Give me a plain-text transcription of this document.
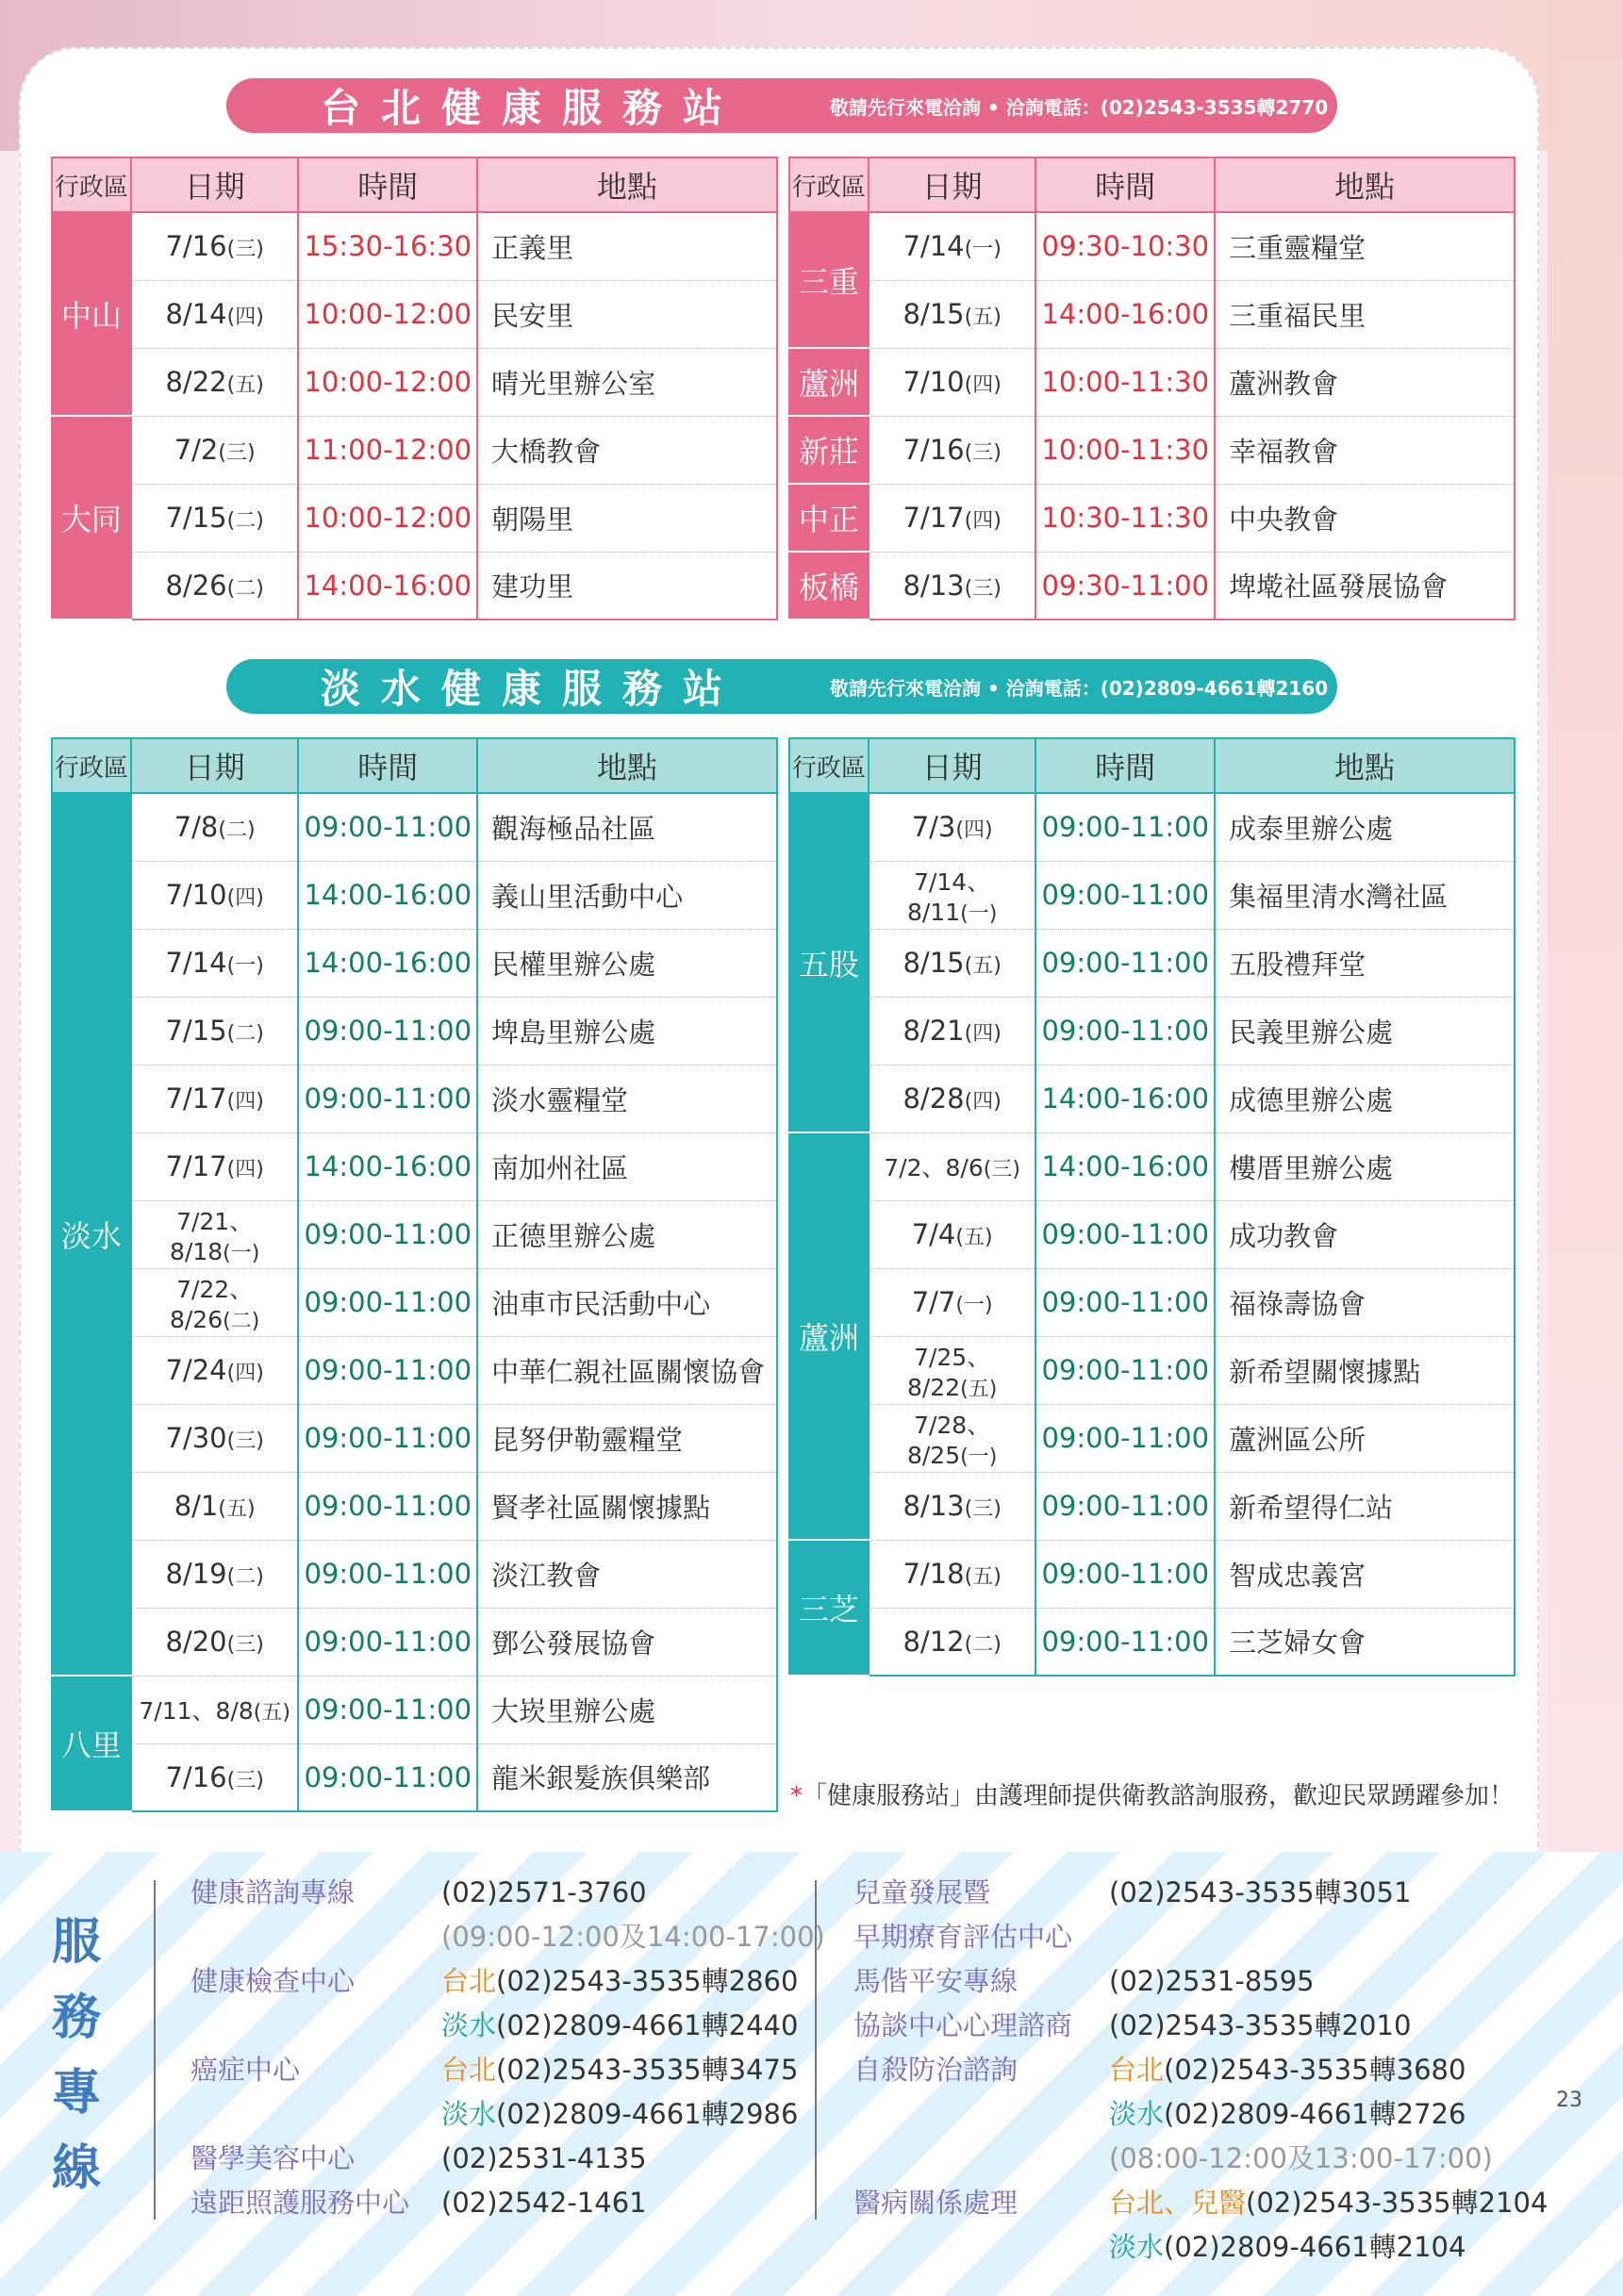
台北健康服務站	敬請先行來電洽詢 • 洽詢電話：(02)2543-3535轉2770
淡水健康服務站	敬請先行來電洽詢 • 洽詢電話：(02)2809-4661轉2160
行政區	日期	時間	地點
中山	7/16(三)	15:30-16:30	正義里
	8/14(四)	10:00-12:00	民安里
	8/22(五)	10:00-12:00	晴光里辦公室
大同	7/2(三)	11:00-12:00	大橋教會
	7/15(二)	10:00-12:00	朝陽里
	8/26(二)	14:00-16:00	建功里
行政區	日期	時間	地點
三重	7/14(一)	09:30-10:30	三重靈糧堂
	8/15(五)	14:00-16:00	三重福民里
蘆洲	7/10(四)	10:00-11:30	蘆洲教會
新莊	7/16(三)	10:00-11:30	幸福教會
中正	7/17(四)	10:30-11:30	中央教會
板橋	8/13(三)	09:30-11:00	埤墘社區發展協會
行政區	日期	時間	地點
淡水	7/8(二)	09:00-11:00	觀海極品社區
	7/10(四)	14:00-16:00	義山里活動中心
	7/14(一)	14:00-16:00	民權里辦公處
	7/15(二)	09:00-11:00	埤島里辦公處
	7/17(四)	09:00-11:00	淡水靈糧堂
	7/17(四)	14:00-16:00	南加州社區
	7/21、8/18(一)	09:00-11:00	正德里辦公處
	7/22、8/26(二)	09:00-11:00	油車市民活動中心
	7/24(四)	09:00-11:00	中華仁親社區關懷協會
	7/30(三)	09:00-11:00	昆努伊勒靈糧堂
	8/1(五)	09:00-11:00	賢孝社區關懷據點
	8/19(二)	09:00-11:00	淡江教會
	8/20(三)	09:00-11:00	鄧公發展協會
八里	7/11、8/8(五)	09:00-11:00	大崁里辦公處
	7/16(三)	09:00-11:00	龍米銀髮族俱樂部
行政區	日期	時間	地點
五股	7/3(四)	09:00-11:00	成泰里辦公處
	7/14、8/11(一)	09:00-11:00	集福里清水灣社區
	8/15(五)	09:00-11:00	五股禮拜堂
	8/21(四)	09:00-11:00	民義里辦公處
	8/28(四)	14:00-16:00	成德里辦公處
蘆洲	7/2、8/6(三)	14:00-16:00	樓厝里辦公處
	7/4(五)	09:00-11:00	成功教會
	7/7(一)	09:00-11:00	福祿壽協會
	7/25、8/22(五)	09:00-11:00	新希望關懷據點
	7/28、8/25(一)	09:00-11:00	蘆洲區公所
	8/13(三)	09:00-11:00	新希望得仁站
三芝	7/18(五)	09:00-11:00	智成忠義宮
	8/12(二)	09:00-11:00	三芝婦女會
*「健康服務站」由護理師提供衛教諮詢服務，歡迎民眾踴躍參加！
服務專線
健康諮詢專線	(02)2571-3760
(09:00-12:00及14:00-17:00)
健康檢查中心	台北(02)2543-3535轉2860
淡水(02)2809-4661轉2440
癌症中心	台北(02)2543-3535轉3475
淡水(02)2809-4661轉2986
醫學美容中心	(02)2531-4135
遠距照護服務中心 (02)2542-1461
兒童發展暨	(02)2543-3535轉3051
早期療育評估中心
馬偕平安專線	(02)2531-8595
協談中心心理諮商 (02)2543-3535轉2010
自殺防治諮詢	台北(02)2543-3535轉3680
淡水(02)2809-4661轉2726
(08:00-12:00及13:00-17:00)
醫病關係處理	台北、兒醫(02)2543-3535轉2104
淡水(02)2809-4661轉2104
23
